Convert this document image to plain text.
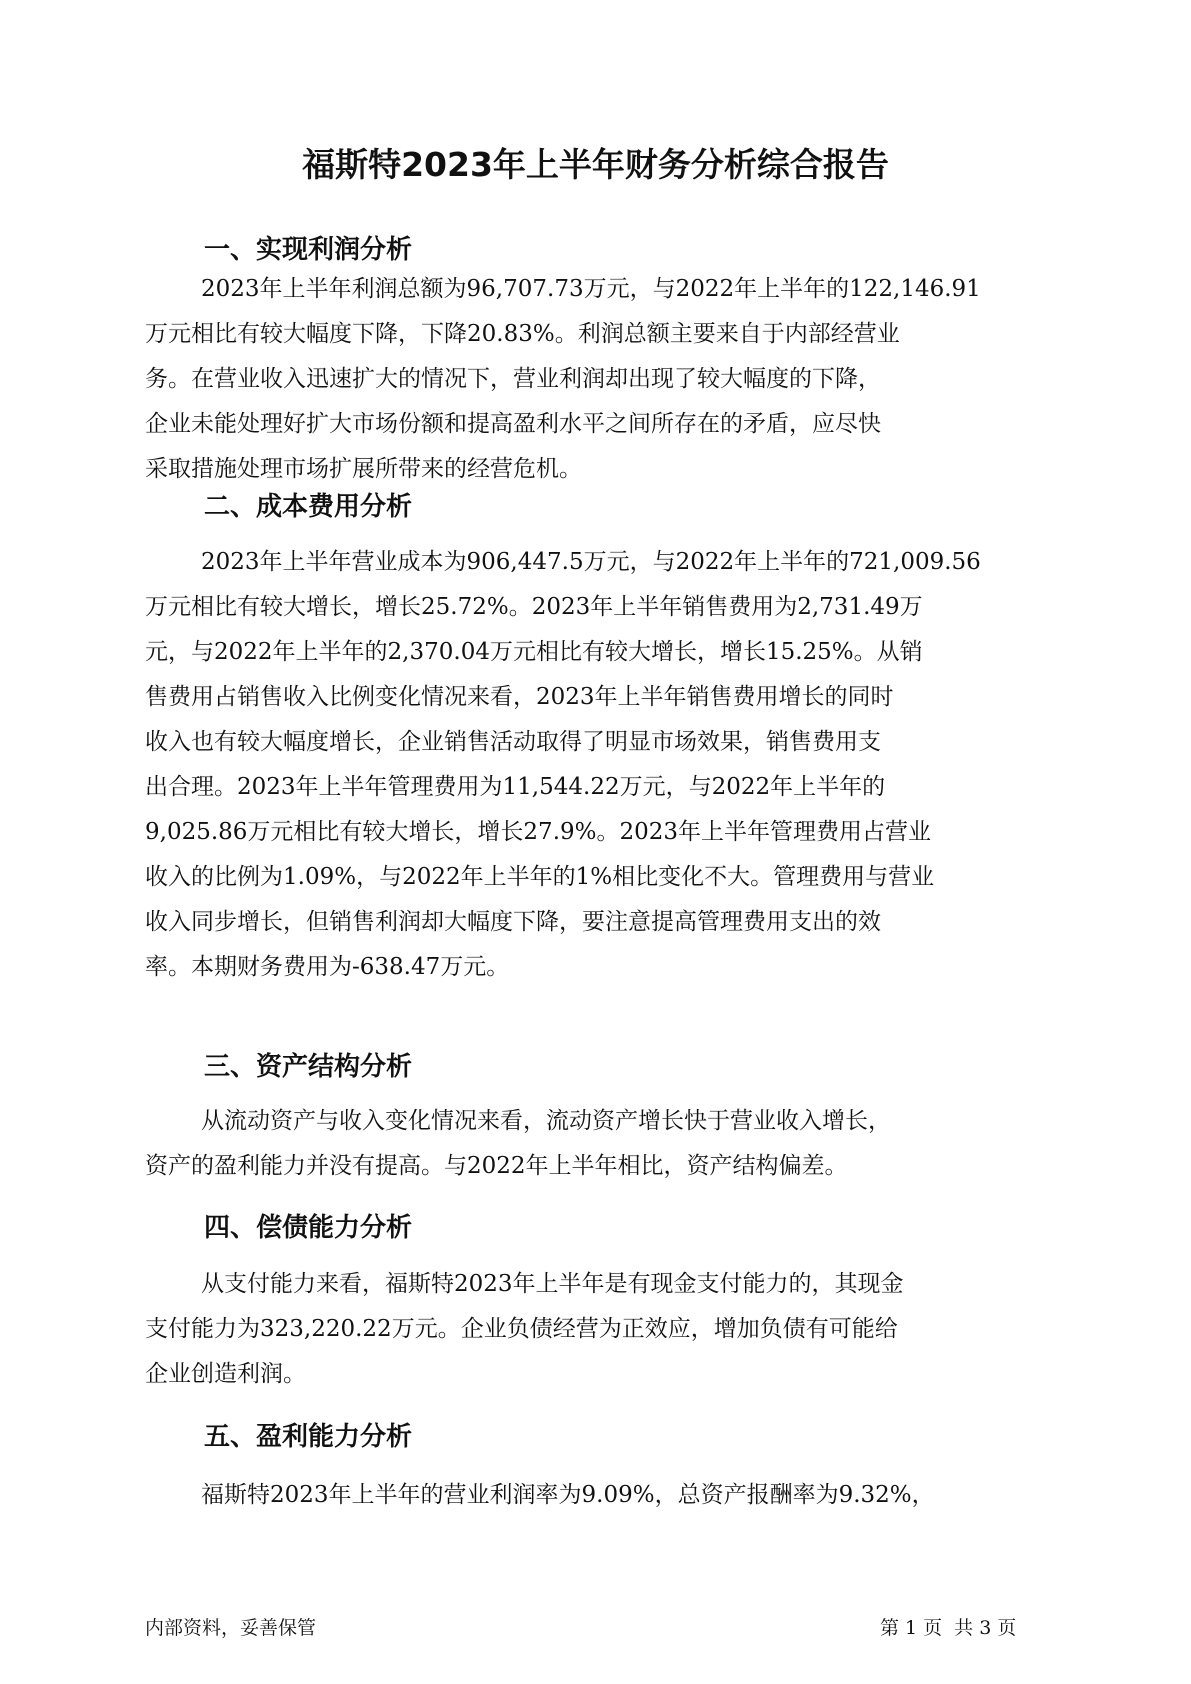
福斯特2023年上半年财务分析综合报告
一、实现利润分析
2023年上半年利润总额为96,707.73万元，与2022年上半年的122,146.91
万元相比有较大幅度下降，下降20.83%。利润总额主要来自于内部经营业
务。在营业收入迅速扩大的情况下，营业利润却出现了较大幅度的下降，
企业未能处理好扩大市场份额和提高盈利水平之间所存在的矛盾，应尽快
采取措施处理市场扩展所带来的经营危机。
二、成本费用分析
2023年上半年营业成本为906,447.5万元，与2022年上半年的721,009.56
万元相比有较大增长，增长25.72%。2023年上半年销售费用为2,731.49万
元，与2022年上半年的2,370.04万元相比有较大增长，增长15.25%。从销
售费用占销售收入比例变化情况来看，2023年上半年销售费用增长的同时
收入也有较大幅度增长，企业销售活动取得了明显市场效果，销售费用支
出合理。2023年上半年管理费用为11,544.22万元，与2022年上半年的
9,025.86万元相比有较大增长，增长27.9%。2023年上半年管理费用占营业
收入的比例为1.09%，与2022年上半年的1%相比变化不大。管理费用与营业
收入同步增长，但销售利润却大幅度下降，要注意提高管理费用支出的效
率。本期财务费用为-638.47万元。
三、资产结构分析
从流动资产与收入变化情况来看，流动资产增长快于营业收入增长，
资产的盈利能力并没有提高。与2022年上半年相比，资产结构偏差。
四、偿债能力分析
从支付能力来看，福斯特2023年上半年是有现金支付能力的，其现金
支付能力为323,220.22万元。企业负债经营为正效应，增加负债有可能给
企业创造利润。
五、盈利能力分析
福斯特2023年上半年的营业利润率为9.09%，总资产报酬率为9.32%，
内部资料，妥善保管	第 1 页 共 3 页
